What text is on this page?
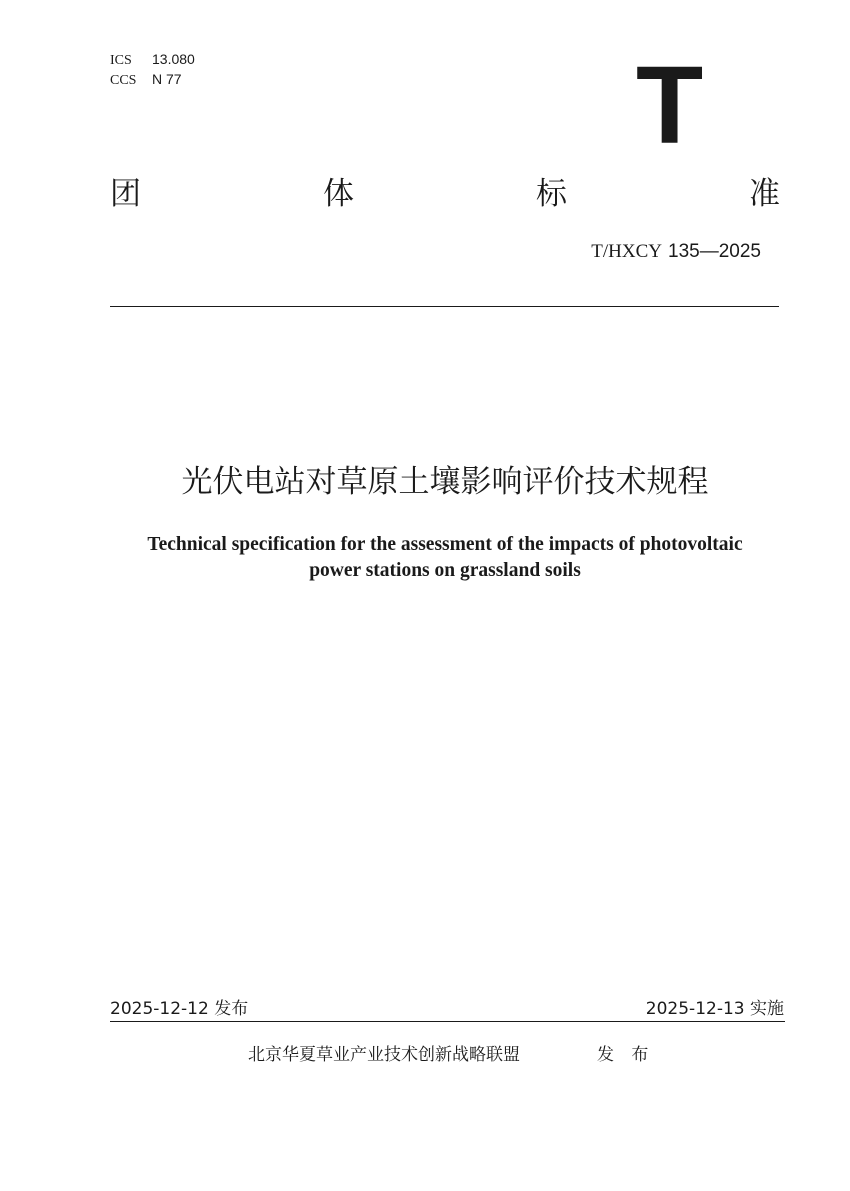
ICS 13.080
CCS N 77	T
团	体	标	准
T/HXCY 135—2025
光伏电站对草原土壤影响评价技术规程
Technical specification for the assessment of the impacts of photovoltaic
power stations on grassland soils
2025-12-12 发布	2025-12-13 实施
北京华夏草业产业技术创新战略联盟	发 布
